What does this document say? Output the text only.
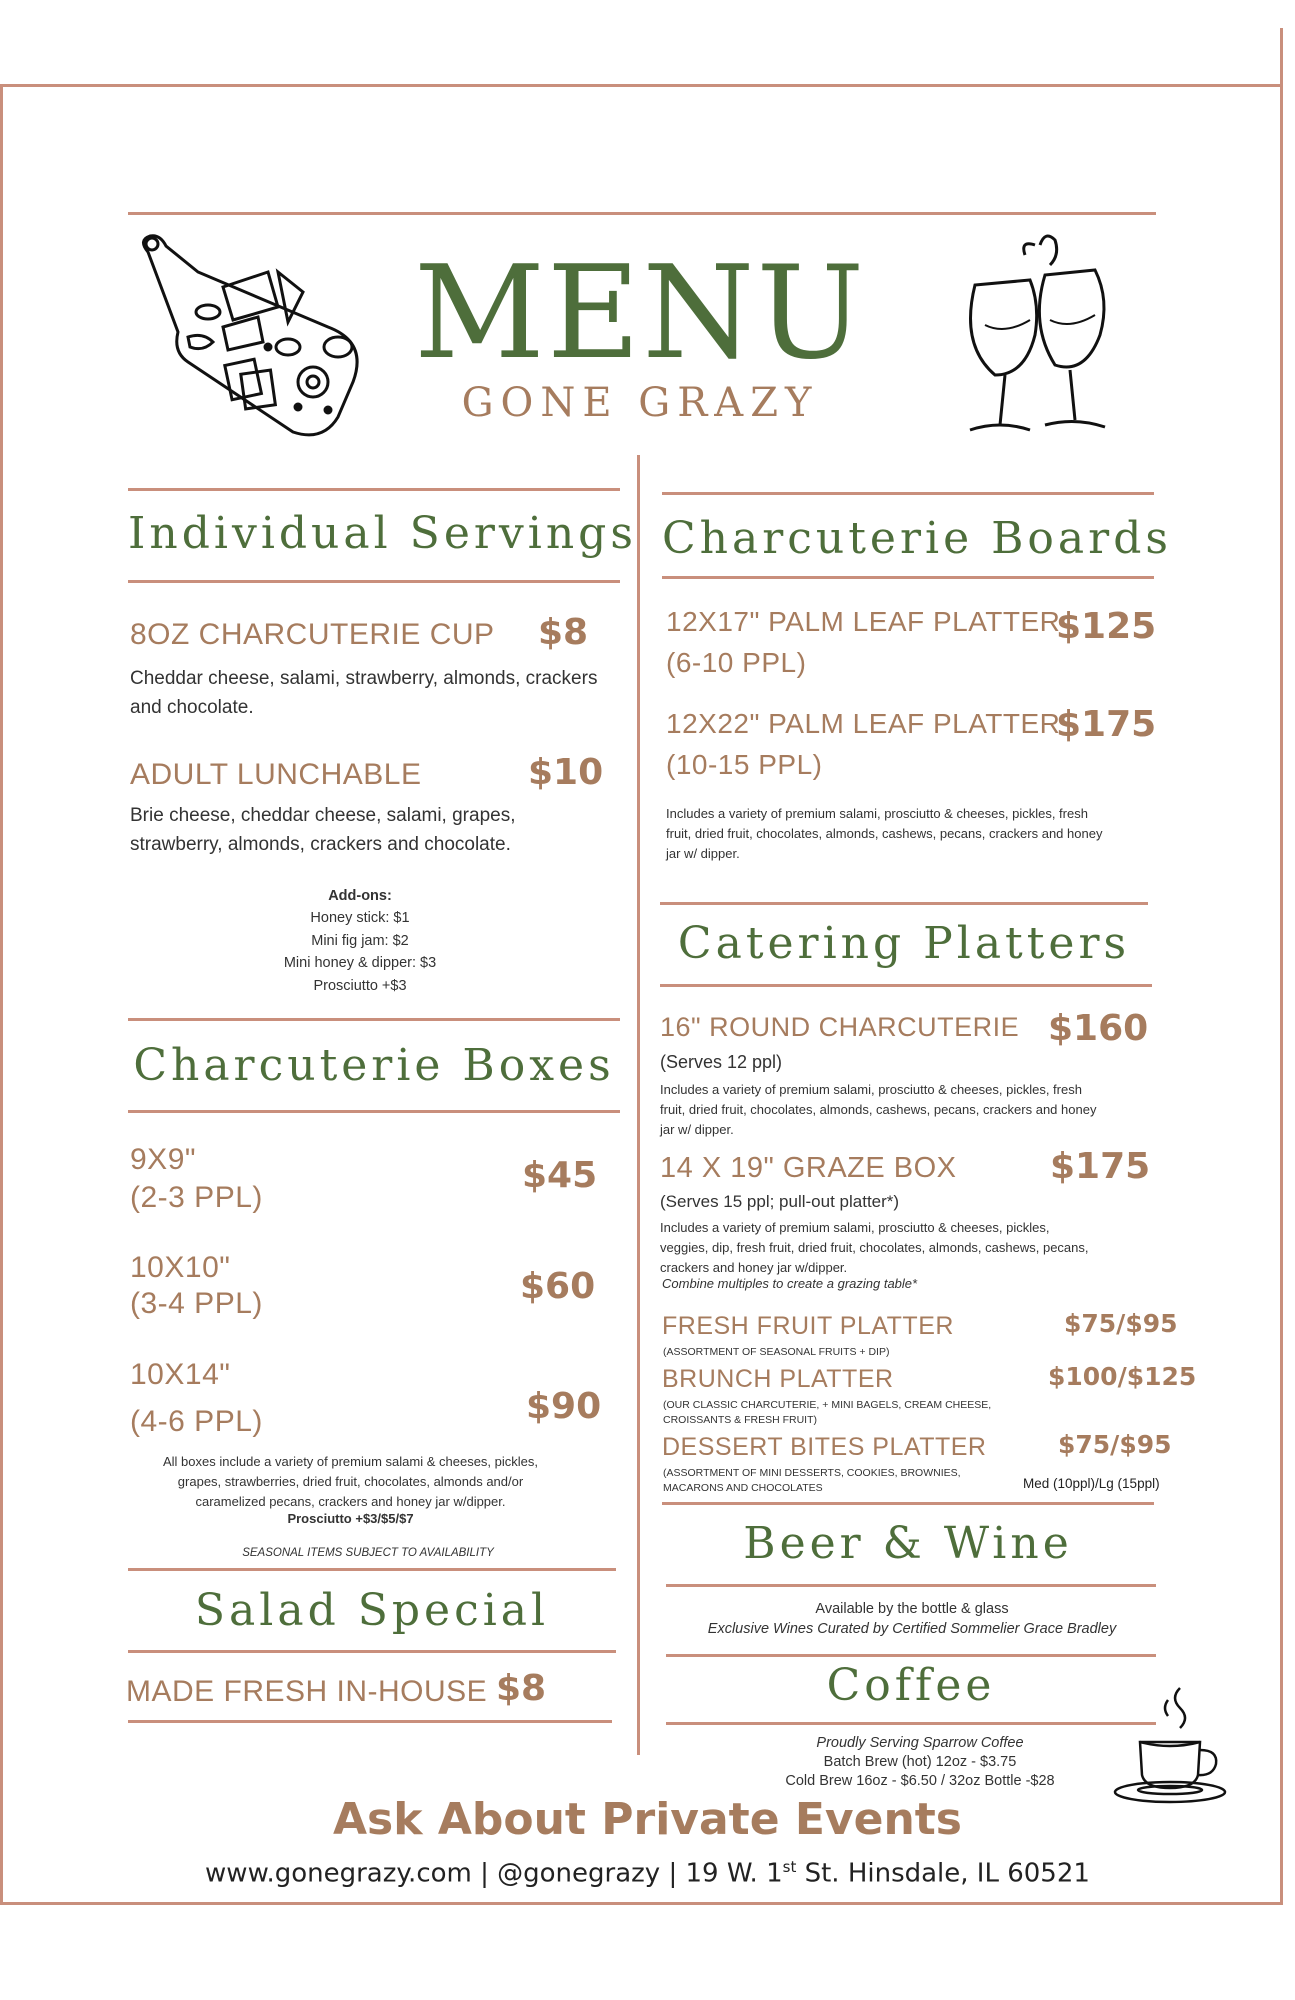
MENU
GONE GRAZY
Individual Servings
8OZ CHARCUTERIE CUP $8
Cheddar cheese, salami, strawberry, almonds, crackers and chocolate.
ADULT LUNCHABLE	$10
Brie cheese, cheddar cheese, salami, grapes, strawberry, almonds, crackers and chocolate.
Add-ons:
Honey stick: $1
Mini fig jam: $2
Mini honey & dipper: $3
Prosciutto +$3
Charcuterie Boxes
9X9"
(2-3 PPL)
$45
10X10"
(3-4 PPL)	$60
10X14"
(4-6 PPL)	$90
All boxes include a variety of premium salami & cheeses, pickles, grapes, strawberries, dried fruit, chocolates, almonds and/or caramelized pecans, crackers and honey jar w/dipper.
Prosciutto +$3/$5/$7
SEASONAL ITEMS SUBJECT TO AVAILABILITY
Salad Special
MADE FRESH IN-HOUSE $8
Charcuterie Boards
12X17" PALM LEAF PLATTER
(6-10 PPL)
$125
12X22" PALM LEAF PLATTER
(10-15 PPL)
$175
Includes a variety of premium salami, prosciutto & cheeses, pickles, fresh fruit, dried fruit, chocolates, almonds, cashews, pecans, crackers and honey jar w/ dipper.
Catering Platters
16" ROUND CHARCUTERIE $160
(Serves 12 ppl)
Includes a variety of premium salami, prosciutto & cheeses, pickles, fresh fruit, dried fruit, chocolates, almonds, cashews, pecans, crackers and honey jar w/ dipper.
14 X 19" GRAZE BOX	$175
(Serves 15 ppl; pull-out platter*)
Includes a variety of premium salami, prosciutto & cheeses, pickles, veggies, dip, fresh fruit, dried fruit, chocolates, almonds, cashews, pecans, crackers and honey jar w/dipper.
Combine multiples to create a grazing table*
FRESH FRUIT PLATTER	$75/$95
(ASSORTMENT OF SEASONAL FRUITS + DIP)
BRUNCH PLATTER	$100/$125
(OUR CLASSIC CHARCUTERIE, + MINI BAGELS, CREAM CHEESE, CROISSANTS & FRESH FRUIT)
DESSERT BITES PLATTER	$75/$95
(ASSORTMENT OF MINI DESSERTS, COOKIES, BROWNIES, MACARONS AND CHOCOLATES	Med (10ppl)/Lg (15ppl)
Beer & Wine
Available by the bottle & glass
Exclusive Wines Curated by Certified Sommelier Grace Bradley
Coffee
Proudly Serving Sparrow Coffee
Batch Brew (hot) 12oz - $3.75
Cold Brew 16oz - $6.50 / 32oz Bottle -$28
Ask About Private Events
www.gonegrazy.com | @gonegrazy | 19 W. 1st St. Hinsdale, IL 60521
